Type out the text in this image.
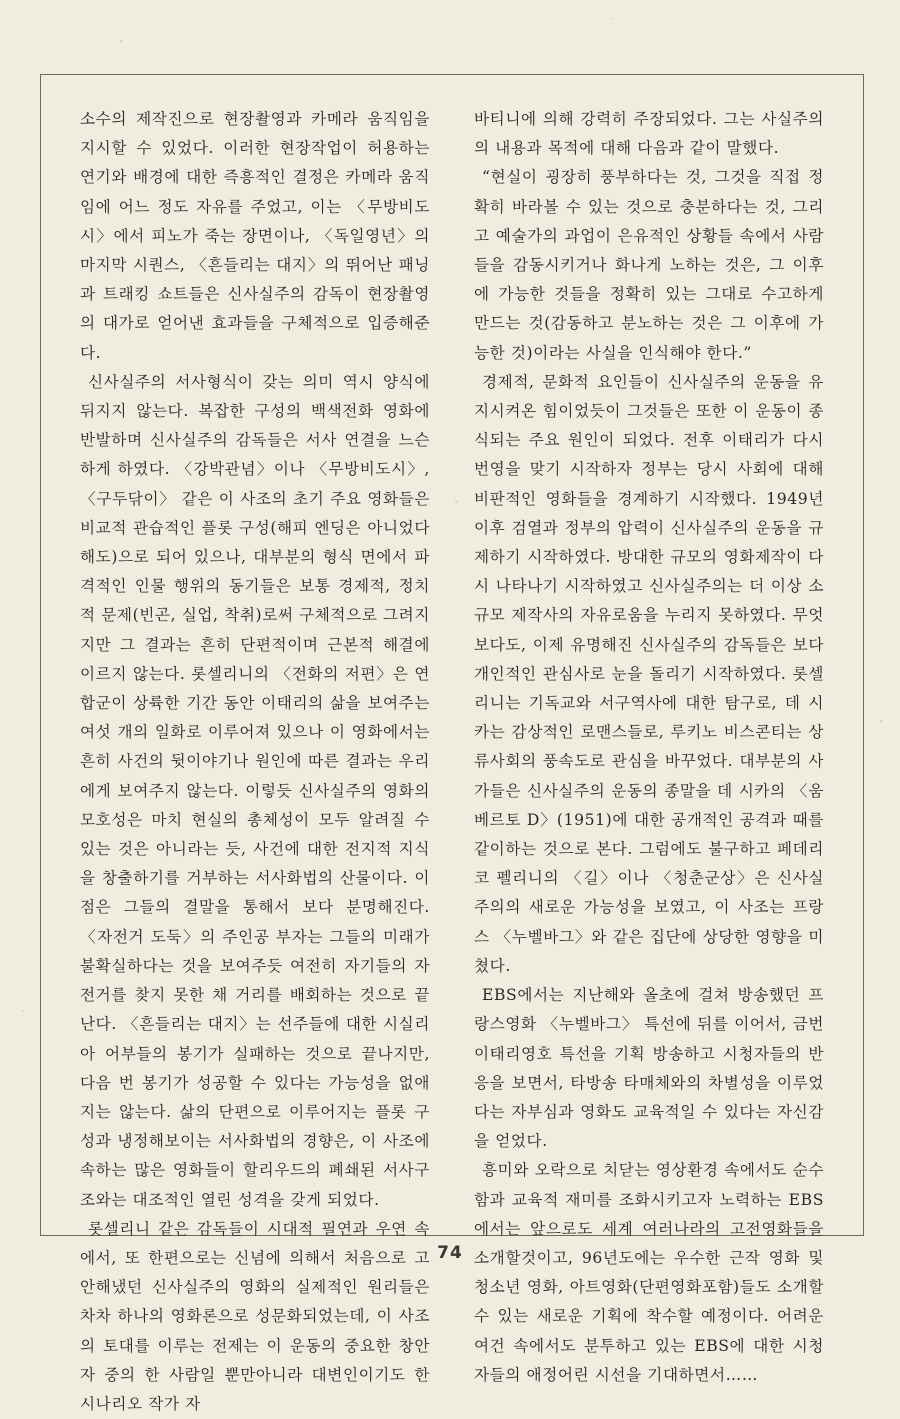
소수의 제작진으로 현장촬영과 카메라 움직임을 지시할 수 있었다. 이러한 현장작업이 허용하는 연기와 배경에 대한 즉흥적인 결정은 카메라 움직임에 어느 정도 자유를 주었고, 이는 〈무방비도시〉에서 피노가 죽는 장면이나, 〈독일영년〉의 마지막 시퀀스, 〈흔들리는 대지〉의 뛰어난 패닝과 트래킹 쇼트들은 신사실주의 감독이 현장촬영의 대가로 얻어낸 효과들을 구체적으로 입증해준다.

신사실주의 서사형식이 갖는 의미 역시 양식에 뒤지지 않는다. 복잡한 구성의 백색전화 영화에 반발하며 신사실주의 감독들은 서사 연결을 느슨하게 하였다. 〈강박관념〉이나 〈무방비도시〉, 〈구두닦이〉 같은 이 사조의 초기 주요 영화들은 비교적 관습적인 플롯 구성(해피 엔딩은 아니었다 해도)으로 되어 있으나, 대부분의 형식 면에서 파격적인 인물 행위의 동기들은 보통 경제적, 정치적 문제(빈곤, 실업, 착취)로써 구체적으로 그려지지만 그 결과는 흔히 단편적이며 근본적 해결에 이르지 않는다. 롯셀리니의 〈전화의 저편〉은 연합군이 상륙한 기간 동안 이태리의 삶을 보여주는 여섯 개의 일화로 이루어져 있으나 이 영화에서는 흔히 사건의 뒷이야기나 원인에 따른 결과는 우리에게 보여주지 않는다. 이렇듯 신사실주의 영화의 모호성은 마치 현실의 총체성이 모두 알려질 수 있는 것은 아니라는 듯, 사건에 대한 전지적 지식을 창출하기를 거부하는 서사화법의 산물이다. 이 점은 그들의 결말을 통해서 보다 분명해진다. 〈자전거 도둑〉의 주인공 부자는 그들의 미래가 불확실하다는 것을 보여주듯 여전히 자기들의 자전거를 찾지 못한 채 거리를 배회하는 것으로 끝난다. 〈흔들리는 대지〉는 선주들에 대한 시실리아 어부들의 봉기가 실패하는 것으로 끝나지만, 다음 번 봉기가 성공할 수 있다는 가능성을 없애지는 않는다. 삶의 단편으로 이루어지는 플롯 구성과 냉정해보이는 서사화법의 경향은, 이 사조에 속하는 많은 영화들이 할리우드의 폐쇄된 서사구조와는 대조적인 열린 성격을 갖게 되었다.

롯셀리니 같은 감독들이 시대적 필연과 우연 속에서, 또 한편으로는 신념에 의해서 처음으로 고안해냈던 신사실주의 영화의 실제적인 원리들은 차차 하나의 영화론으로 성문화되었는데, 이 사조의 토대를 이루는 전제는 이 운동의 중요한 창안자 중의 한 사람일 뿐만아니라 대변인이기도 한 시나리오 작가 자

바티니에 의해 강력히 주장되었다. 그는 사실주의의 내용과 목적에 대해 다음과 같이 말했다.

“현실이 굉장히 풍부하다는 것, 그것을 직접 정확히 바라볼 수 있는 것으로 충분하다는 것, 그리고 예술가의 과업이 은유적인 상황들 속에서 사람들을 감동시키거나 화나게 노하는 것은, 그 이후에 가능한 것들을 정확히 있는 그대로 수고하게 만드는 것(감동하고 분노하는 것은 그 이후에 가능한 것)이라는 사실을 인식해야 한다.”

경제적, 문화적 요인들이 신사실주의 운동을 유지시켜온 힘이었듯이 그것들은 또한 이 운동이 종식되는 주요 원인이 되었다. 전후 이태리가 다시 번영을 맞기 시작하자 정부는 당시 사회에 대해 비판적인 영화들을 경계하기 시작했다. 1949년 이후 검열과 정부의 압력이 신사실주의 운동을 규제하기 시작하였다. 방대한 규모의 영화제작이 다시 나타나기 시작하였고 신사실주의는 더 이상 소규모 제작사의 자유로움을 누리지 못하였다. 무엇보다도, 이제 유명해진 신사실주의 감독들은 보다 개인적인 관심사로 눈을 돌리기 시작하였다. 롯셀리니는 기독교와 서구역사에 대한 탐구로, 데 시카는 감상적인 로맨스들로, 루키노 비스콘티는 상류사회의 풍속도로 관심을 바꾸었다. 대부분의 사가들은 신사실주의 운동의 종말을 데 시카의 〈움베르토 D〉(1951)에 대한 공개적인 공격과 때를 같이하는 것으로 본다. 그럼에도 불구하고 페데리코 펠리니의 〈길〉이나 〈청춘군상〉은 신사실주의의 새로운 가능성을 보였고, 이 사조는 프랑스 〈누벨바그〉와 같은 집단에 상당한 영향을 미쳤다.

EBS에서는 지난해와 올초에 걸쳐 방송했던 프랑스영화 〈누벨바그〉 특선에 뒤를 이어서, 금번 이태리영호 특선을 기획 방송하고 시청자들의 반응을 보면서, 타방송 타매체와의 차별성을 이루었다는 자부심과 영화도 교육적일 수 있다는 자신감을 얻었다.

흥미와 오락으로 치닫는 영상환경 속에서도 순수함과 교육적 재미를 조화시키고자 노력하는 EBS에서는 앞으로도 세계 여러나라의 고전영화들을 소개할것이고, 96년도에는 우수한 근작 영화 및 청소년 영화, 아트영화(단편영화포함)들도 소개할 수 있는 새로운 기획에 착수할 예정이다. 어려운 여건 속에서도 분투하고 있는 EBS에 대한 시청자들의 애정어린 시선을 기대하면서……

74
